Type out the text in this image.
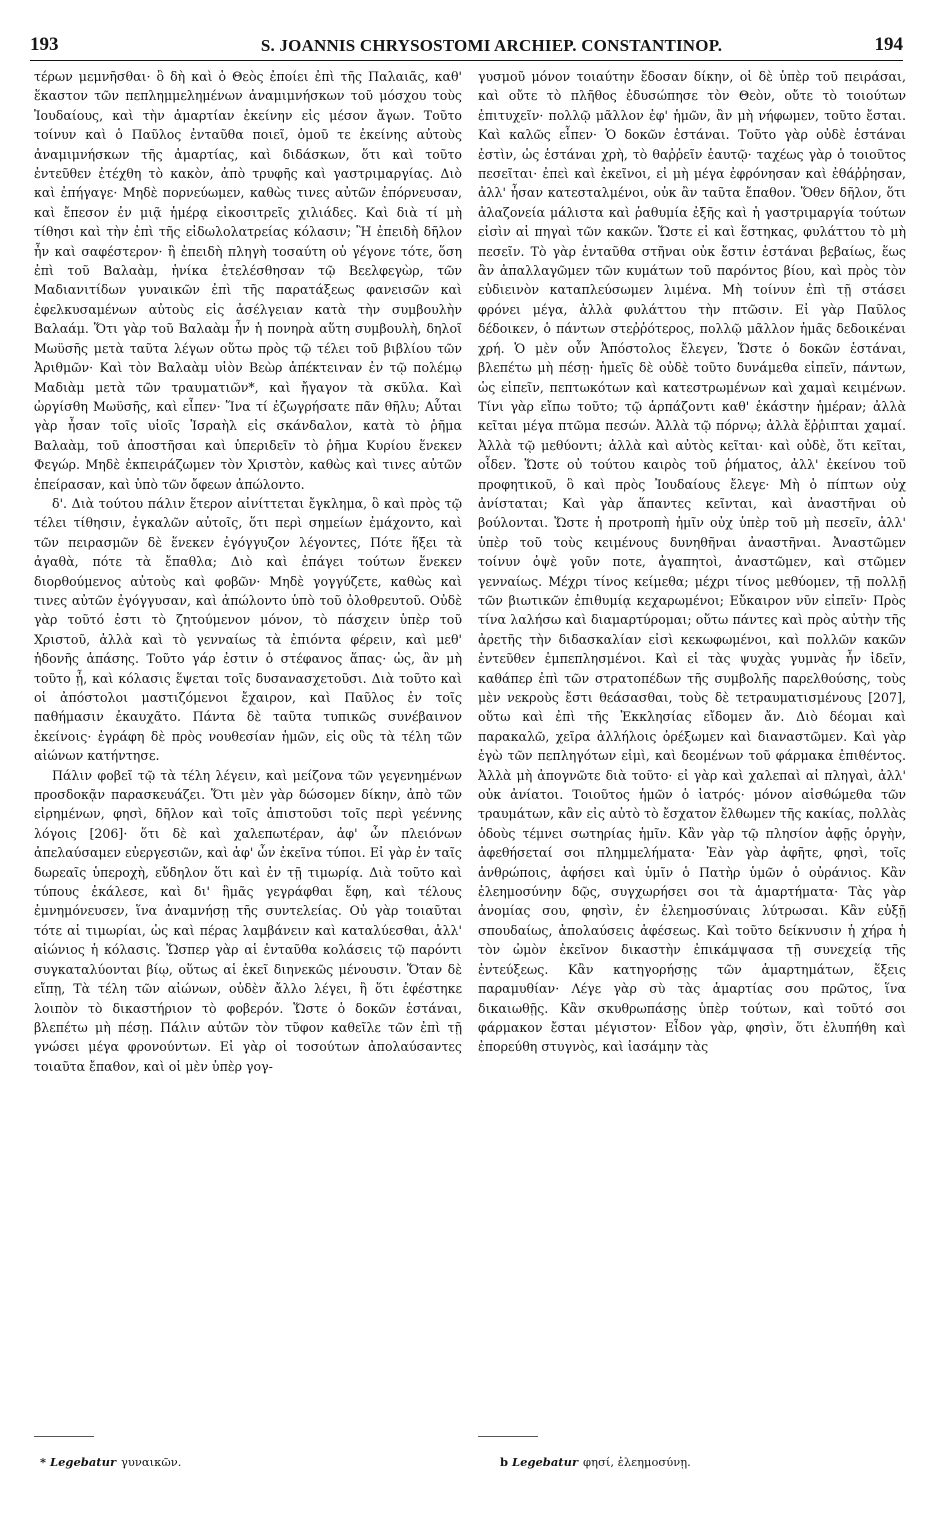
193	S. JOANNIS CHRYSOSTOMI ARCHIEP. CONSTANTINOP.	194

τέρων μεμνῆσθαι· ὃ δὴ καὶ ὁ Θεὸς ἐποίει ἐπὶ τῆς Παλαιᾶς, καθ' ἕκαστον τῶν πεπλημμελημένων ἀναμιμνήσκων τοῦ μόσχου τοὺς Ἰουδαίους, καὶ τὴν ἁμαρτίαν ἐκείνην εἰς μέσον ἄγων. Τοῦτο τοίνυν καὶ ὁ Παῦλος ἐνταῦθα ποιεῖ, ὁμοῦ τε ἐκείνης αὐτοὺς ἀναμιμνήσκων τῆς ἁμαρτίας, καὶ διδάσκων, ὅτι καὶ τοῦτο ἐντεῦθεν ἐτέχθη τὸ κακὸν, ἀπὸ τρυφῆς καὶ γαστριμαργίας. Διὸ καὶ ἐπήγαγε· Μηδὲ πορνεύωμεν, καθὼς τινες αὐτῶν ἐπόρνευσαν, καὶ ἔπεσον ἐν μιᾷ ἡμέρᾳ εἰκοσιτρεῖς χιλιάδες. Καὶ διὰ τί μὴ τίθησι καὶ τὴν ἐπὶ τῆς εἰδωλολατρείας κόλασιν; Ἢ ἐπειδὴ δῆλον ἦν καὶ σαφέστερον· ἢ ἐπειδὴ πληγὴ τοσαύτη οὐ γέγονε τότε, ὅση ἐπὶ τοῦ Βαλαὰμ, ἡνίκα ἐτελέσθησαν τῷ Βεελφεγὼρ, τῶν Μαδιανιτίδων γυναικῶν ἐπὶ τῆς παρατάξεως φανεισῶν καὶ ἐφελκυσαμένων αὐτοὺς εἰς ἀσέλγειαν κατὰ τὴν συμβουλὴν Βαλαάμ. Ὅτι γὰρ τοῦ Βαλαὰμ ἦν ἡ πονηρὰ αὕτη συμβουλὴ, δηλοῖ Μωϋσῆς μετὰ ταῦτα λέγων οὕτω πρὸς τῷ τέλει τοῦ βιβλίου τῶν Ἀριθμῶν· Καὶ τὸν Βαλαὰμ υἱὸν Βεὼρ ἀπέκτειναν ἐν τῷ πολέμῳ Μαδιὰμ μετὰ τῶν τραυματιῶν*, καὶ ἤγαγον τὰ σκῦλα. Καὶ ὠργίσθη Μωϋσῆς, καὶ εἶπεν· Ἵνα τί ἐζωγρήσατε πᾶν θῆλυ; Αὗται γὰρ ἦσαν τοῖς υἱοῖς Ἰσραὴλ εἰς σκάνδαλον, κατὰ τὸ ῥῆμα Βαλαὰμ, τοῦ ἀποστῆσαι καὶ ὑπεριδεῖν τὸ ῥῆμα Κυρίου ἕνεκεν Φεγώρ. Μηδὲ ἐκπειράζωμεν τὸν Χριστὸν, καθὼς καὶ τινες αὐτῶν ἐπείρασαν, καὶ ὑπὸ τῶν ὄφεων ἀπώλοντο.

δ'. Διὰ τούτου πάλιν ἕτερον αἰνίττεται ἔγκλημα, ὃ καὶ πρὸς τῷ τέλει τίθησιν, ἐγκαλῶν αὐτοῖς, ὅτι περὶ σημείων ἐμάχοντο, καὶ τῶν πειρασμῶν δὲ ἕνεκεν ἐγόγγυζον λέγοντες, Πότε ἥξει τὰ ἀγαθὰ, πότε τὰ ἔπαθλα; Διὸ καὶ ἐπάγει τούτων ἕνεκεν διορθούμενος αὐτοὺς καὶ φοβῶν· Μηδὲ γογγύζετε, καθὼς καὶ τινες αὐτῶν ἐγόγγυσαν, καὶ ἀπώλοντο ὑπὸ τοῦ ὀλοθρευτοῦ. Οὐδὲ γὰρ τοῦτό ἐστι τὸ ζητούμενον μόνον, τὸ πάσχειν ὑπὲρ τοῦ Χριστοῦ, ἀλλὰ καὶ τὸ γενναίως τὰ ἐπιόντα φέρειν, καὶ μεθ' ἡδονῆς ἁπάσης. Τοῦτο γάρ ἐστιν ὁ στέφανος ἅπας· ὡς, ἂν μὴ τοῦτο ᾖ, καὶ κόλασις ἕψεται τοῖς δυσανασχετοῦσι. Διὰ τοῦτο καὶ οἱ ἀπόστολοι μαστιζόμενοι ἔχαιρον, καὶ Παῦλος ἐν τοῖς παθήμασιν ἐκαυχᾶτο. Πάντα δὲ ταῦτα τυπικῶς συνέβαινον ἐκείνοις· ἐγράφη δὲ πρὸς νουθεσίαν ἡμῶν, εἰς οὓς τὰ τέλη τῶν αἰώνων κατήντησε.

Πάλιν φοβεῖ τῷ τὰ τέλη λέγειν, καὶ μείζονα τῶν γεγενημένων προσδοκᾷν παρασκευάζει. Ὅτι μὲν γὰρ δώσομεν δίκην, ἀπὸ τῶν εἰρημένων, φησὶ, δῆλον καὶ τοῖς ἀπιστοῦσι τοῖς περὶ γεέννης λόγοις [206]· ὅτι δὲ καὶ χαλεπωτέραν, ἀφ' ὧν πλειόνων ἀπελαύσαμεν εὐεργεσιῶν, καὶ ἀφ' ὧν ἐκεῖνα τύποι. Εἰ γὰρ ἐν ταῖς δωρεαῖς ὑπεροχὴ, εὔδηλον ὅτι καὶ ἐν τῇ τιμωρίᾳ. Διὰ τοῦτο καὶ τύπους ἐκάλεσε, καὶ δι' ἣμᾶς γεγράφθαι ἔφη, καὶ τέλους ἐμνημόνευσεν, ἵνα ἀναμνήσῃ τῆς συντελείας. Οὐ γὰρ τοιαῦται τότε αἱ τιμωρίαι, ὡς καὶ πέρας λαμβάνειν καὶ καταλύεσθαι, ἀλλ' αἰώνιος ἡ κόλασις. Ὥσπερ γὰρ αἱ ἐνταῦθα κολάσεις τῷ παρόντι συγκαταλύονται βίῳ, οὕτως αἱ ἐκεῖ διηνεκῶς μένουσιν. Ὅταν δὲ εἴπῃ, Τὰ τέλη τῶν αἰώνων, οὐδὲν ἄλλο λέγει, ἢ ὅτι ἐφέστηκε λοιπὸν τὸ δικαστήριον τὸ φοβερόν. Ὥστε ὁ δοκῶν ἑστάναι, βλεπέτω μὴ πέσῃ. Πάλιν αὐτῶν τὸν τῦφον καθεῖλε τῶν ἐπὶ τῇ γνώσει μέγα φρονούντων. Εἰ γὰρ οἱ τοσούτων ἀπολαύσαντες τοιαῦτα ἔπαθον, καὶ οἱ μὲν ὑπὲρ γογ-

γυσμοῦ μόνον τοιαύτην ἔδοσαν δίκην, οἱ δὲ ὑπὲρ τοῦ πειράσαι, καὶ οὔτε τὸ πλῆθος ἐδυσώπησε τὸν Θεὸν, οὔτε τὸ τοιούτων ἐπιτυχεῖν· πολλῷ μᾶλλον ἐφ' ἡμῶν, ἂν μὴ νήφωμεν, τοῦτο ἔσται. Καὶ καλῶς εἶπεν· Ὁ δοκῶν ἑστάναι. Τοῦτο γὰρ οὐδὲ ἑστάναι ἐστὶν, ὡς ἑστάναι χρὴ, τὸ θαῤῥεῖν ἑαυτῷ· ταχέως γὰρ ὁ τοιοῦτος πεσεῖται· ἐπεὶ καὶ ἐκεῖνοι, εἰ μὴ μέγα ἐφρόνησαν καὶ ἐθάῤῥησαν, ἀλλ' ἦσαν κατεσταλμένοι, οὐκ ἂν ταῦτα ἔπαθον. Ὅθεν δῆλον, ὅτι ἀλαζονεία μάλιστα καὶ ῥαθυμία ἐξῆς καὶ ἡ γαστριμαργία τούτων εἰσὶν αἱ πηγαὶ τῶν κακῶν. Ὥστε εἰ καὶ ἕστηκας, φυλάττου τὸ μὴ πεσεῖν. Τὸ γὰρ ἐνταῦθα στῆναι οὐκ ἔστιν ἑστάναι βεβαίως, ἕως ἂν ἀπαλλαγῶμεν τῶν κυμάτων τοῦ παρόντος βίου, καὶ πρὸς τὸν εὐδιεινὸν καταπλεύσωμεν λιμένα. Μὴ τοίνυν ἐπὶ τῇ στάσει φρόνει μέγα, ἀλλὰ φυλάττου τὴν πτῶσιν. Εἰ γὰρ Παῦλος δέδοικεν, ὁ πάντων στεῤῥότερος, πολλῷ μᾶλλον ἡμᾶς δεδοικέναι χρή. Ὁ μὲν οὖν Ἀπόστολος ἔλεγεν, Ὥστε ὁ δοκῶν ἑστάναι, βλεπέτω μὴ πέσῃ· ἡμεῖς δὲ οὐδὲ τοῦτο δυνάμεθα εἰπεῖν, πάντων, ὡς εἰπεῖν, πεπτωκότων καὶ κατεστρωμένων καὶ χαμαὶ κειμένων. Τίνι γὰρ εἴπω τοῦτο; τῷ ἁρπάζοντι καθ' ἑκάστην ἡμέραν; ἀλλὰ κεῖται μέγα πτῶμα πεσών. Ἀλλὰ τῷ πόρνῳ; ἀλλὰ ἔῤῥιπται χαμαί. Ἀλλὰ τῷ μεθύοντι; ἀλλὰ καὶ αὐτὸς κεῖται· καὶ οὐδὲ, ὅτι κεῖται, οἶδεν. Ὥστε οὐ τούτου καιρὸς τοῦ ῥήματος, ἀλλ' ἐκείνου τοῦ προφητικοῦ, ὃ καὶ πρὸς Ἰουδαίους ἔλεγε· Μὴ ὁ πίπτων οὐχ ἀνίσταται; Καὶ γὰρ ἅπαντες κεῖνται, καὶ ἀναστῆναι οὐ βούλονται. Ὥστε ἡ προτροπὴ ἡμῖν οὐχ ὑπὲρ τοῦ μὴ πεσεῖν, ἀλλ' ὑπὲρ τοῦ τοὺς κειμένους δυνηθῆναι ἀναστῆναι. Ἀναστῶμεν τοίνυν ὀψὲ γοῦν ποτε, ἀγαπητοὶ, ἀναστῶμεν, καὶ στῶμεν γενναίως. Μέχρι τίνος κείμεθα; μέχρι τίνος μεθύομεν, τῇ πολλῇ τῶν βιωτικῶν ἐπιθυμίᾳ κεχαρωμένοι; Εὔκαιρον νῦν εἰπεῖν· Πρὸς τίνα λαλήσω καὶ διαμαρτύρομαι; οὕτω πάντες καὶ πρὸς αὐτὴν τῆς ἀρετῆς τὴν διδασκαλίαν εἰσὶ κεκωφωμένοι, καὶ πολλῶν κακῶν ἐντεῦθεν ἐμπεπλησμένοι. Καὶ εἰ τὰς ψυχὰς γυμνὰς ἦν ἰδεῖν, καθάπερ ἐπὶ τῶν στρατοπέδων τῆς συμβολῆς παρελθούσης, τοὺς μὲν νεκροὺς ἔστι θεάσασθαι, τοὺς δὲ τετραυματισμένους [207], οὕτω καὶ ἐπὶ τῆς Ἐκκλησίας εἴδομεν ἄν. Διὸ δέομαι καὶ παρακαλῶ, χεῖρα ἀλλήλοις ὀρέξωμεν καὶ διαναστῶμεν. Καὶ γὰρ ἐγὼ τῶν πεπληγότων εἰμὶ, καὶ δεομένων τοῦ φάρμακα ἐπιθέντος. Ἀλλὰ μὴ ἀπογνῶτε διὰ τοῦτο· εἰ γὰρ καὶ χαλεπαὶ αἱ πληγαὶ, ἀλλ' οὐκ ἀνίατοι. Τοιοῦτος ἡμῶν ὁ ἰατρός· μόνον αἰσθώμεθα τῶν τραυμάτων, κἂν εἰς αὐτὸ τὸ ἔσχατον ἔλθωμεν τῆς κακίας, πολλὰς ὁδοὺς τέμνει σωτηρίας ἡμῖν. Κἂν γὰρ τῷ πλησίον ἀφῇς ὀργὴν, ἀφεθήσεταί σοι πλημμελήματα· Ἐὰν γὰρ ἀφῆτε, φησὶ, τοῖς ἀνθρώποις, ἀφήσει καὶ ὑμῖν ὁ Πατὴρ ὑμῶν ὁ οὐράνιος. Κἂν ἐλεημοσύνην δῷς, συγχωρήσει σοι τὰ ἁμαρτήματα· Τὰς γὰρ ἀνομίας σου, φησὶν, ἐν ἐλεημοσύναις λύτρωσαι. Κἂν εὐξῇ σπουδαίως, ἀπολαύσεις ἀφέσεως. Καὶ τοῦτο δείκνυσιν ἡ χήρα ἡ τὸν ὠμὸν ἐκεῖνον δικαστὴν ἐπικάμψασα τῇ συνεχείᾳ τῆς ἐντεύξεως. Κἂν κατηγορήσῃς τῶν ἁμαρτημάτων, ἕξεις παραμυθίαν· Λέγε γὰρ σὺ τὰς ἁμαρτίας σου πρῶτος, ἵνα δικαιωθῇς. Κἂν σκυθρωπάσῃς ὑπὲρ τούτων, καὶ τοῦτό σοι φάρμακον ἔσται μέγιστον· Εἶδον γὰρ, φησὶν, ὅτι ἐλυπήθη καὶ ἐπορεύθη στυγνὸς, καὶ ἰασάμην τὰς

* Legebatur γυναικῶν.	b Legebatur φησί, ἐλεημοσύνῃ.
